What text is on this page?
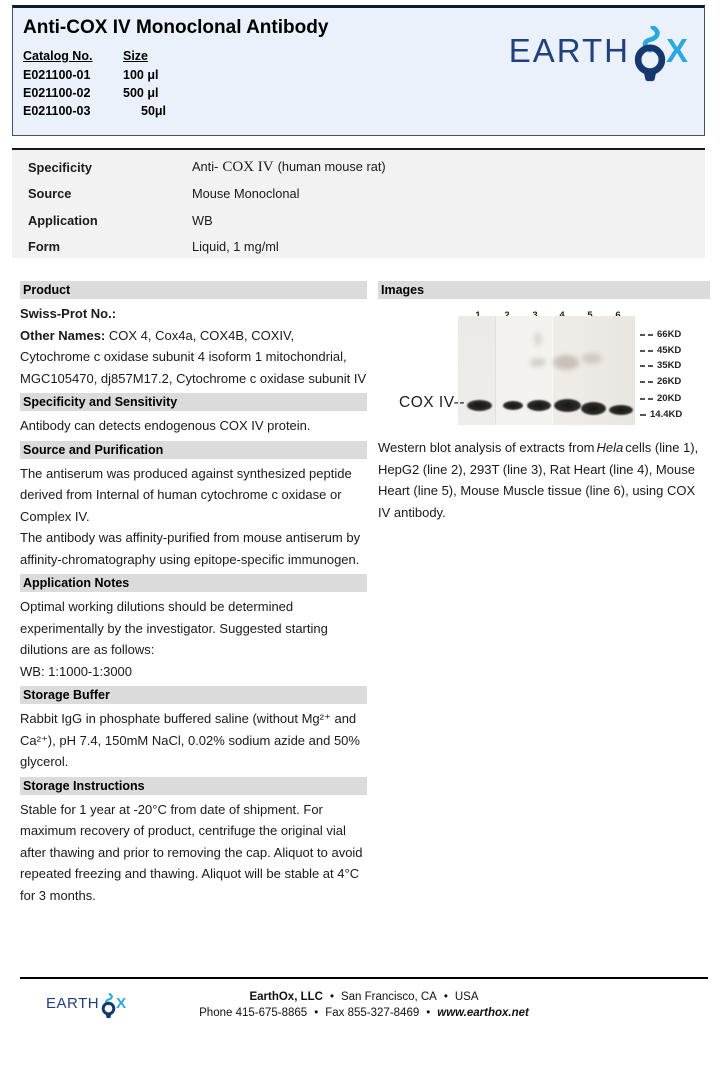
Anti-COX IV Monoclonal Antibody
Catalog No.	Size
E021100-01	100 μl
E021100-02	500 μl
E021100-03	50μl
EARTH X
Specificity	Anti- COX IV (human mouse rat)
Source	Mouse Monoclonal
Application	WB
Form	Liquid, 1 mg/ml
Product

Swiss-Prot No.:

Other Names: COX 4, Cox4a, COX4B, COXIV, Cytochrome c oxidase subunit 4 isoform 1 mitochondrial, MGC105470, dj857M17.2, Cytochrome c oxidase subunit IV

Specificity and Sensitivity

Antibody can detects endogenous COX IV protein.

Source and Purification

The antiserum was produced against synthesized peptide derived from Internal of human cytochrome c oxidase or Complex IV.

The antibody was affinity-purified from mouse antiserum by affinity-chromatography using epitope-specific immunogen.

Application Notes

Optimal working dilutions should be determined experimentally by the investigator. Suggested starting dilutions are as follows:

WB: 1:1000-1:3000

Storage Buffer

Rabbit IgG in phosphate buffered saline (without Mg²⁺ and Ca²⁺), pH 7.4, 150mM NaCl, 0.02% sodium azide and 50% glycerol.

Storage Instructions

Stable for 1 year at -20°C from date of shipment. For maximum recovery of product, centrifuge the original vial after thawing and prior to removing the cap. Aliquot to avoid repeated freezing and thawing. Aliquot will be stable at 4°C for 3 months.

Images
66KD
45KD
35KD
26KD
20KD
14.4KD
COX IV--

Western blot analysis of extracts from Hela cells (line 1), HepG2 (line 2), 293T (line 3), Rat Heart (line 4), Mouse Heart (line 5), Mouse Muscle tissue (line 6), using COX IV antibody.

EARTH X	EarthOx, LLC • San Francisco, CA • USA
Phone 415-675-8865 • Fax 855-327-8469 • www.earthox.net
